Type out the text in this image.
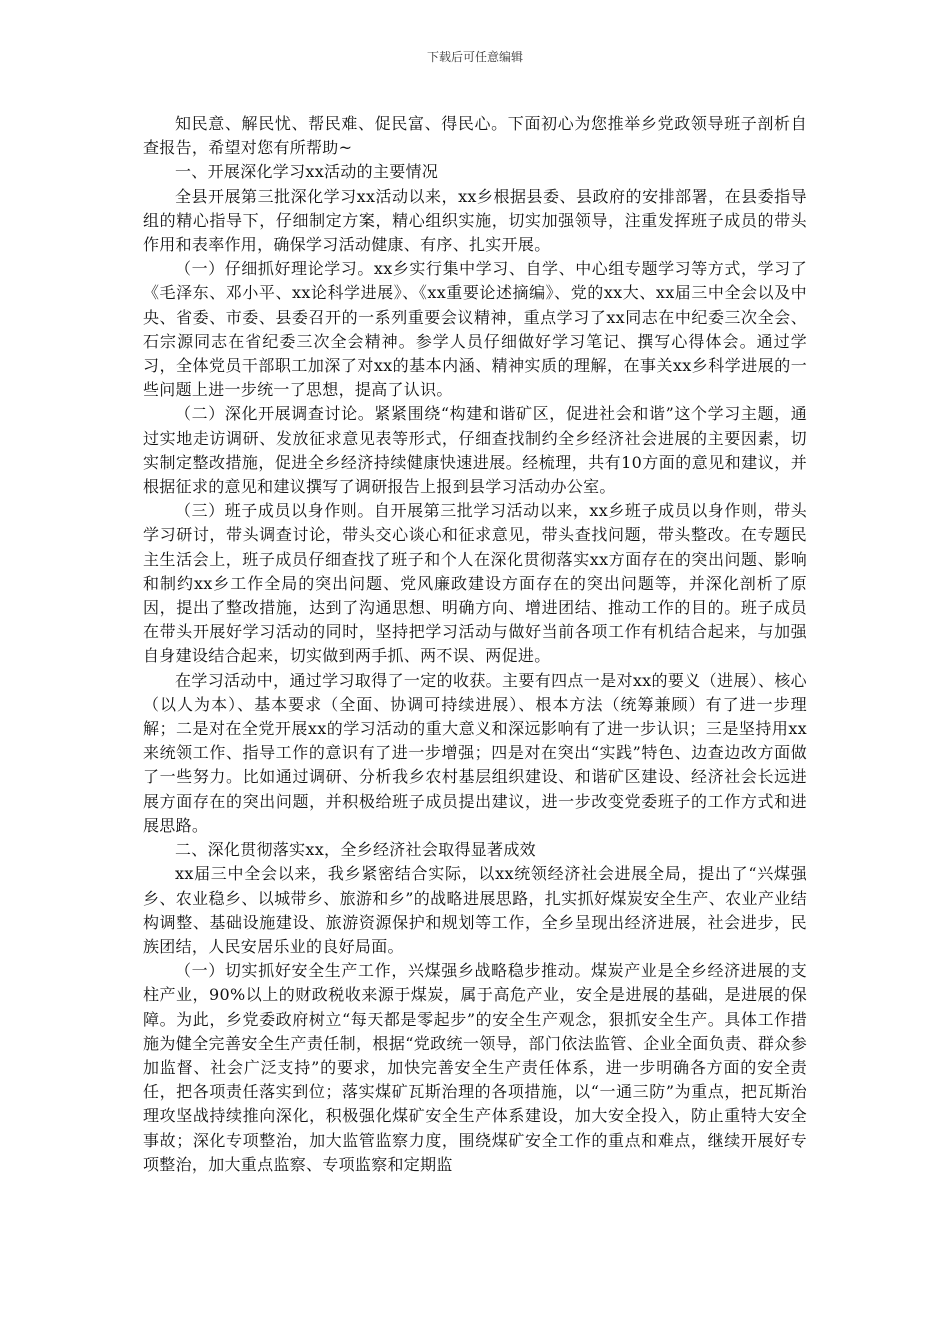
下载后可任意编辑

知民意、解民忧、帮民难、促民富、得民心。下面初心为您推举乡党政领导班子剖析自查报告，希望对您有所帮助~

一、开展深化学习xx活动的主要情况

全县开展第三批深化学习xx活动以来，xx乡根据县委、县政府的安排部署，在县委指导组的精心指导下，仔细制定方案，精心组织实施，切实加强领导，注重发挥班子成员的带头作用和表率作用，确保学习活动健康、有序、扎实开展。

（一）仔细抓好理论学习。xx乡实行集中学习、自学、中心组专题学习等方式，学习了《毛泽东、邓小平、xx论科学进展》、《xx重要论述摘编》、党的xx大、xx届三中全会以及中央、省委、市委、县委召开的一系列重要会议精神，重点学习了xx同志在中纪委三次全会、石宗源同志在省纪委三次全会精神。参学人员仔细做好学习笔记、撰写心得体会。通过学习，全体党员干部职工加深了对xx的基本内涵、精神实质的理解，在事关xx乡科学进展的一些问题上进一步统一了思想，提高了认识。

（二）深化开展调查讨论。紧紧围绕“构建和谐矿区，促进社会和谐”这个学习主题，通过实地走访调研、发放征求意见表等形式，仔细查找制约全乡经济社会进展的主要因素，切实制定整改措施，促进全乡经济持续健康快速进展。经梳理，共有10方面的意见和建议，并根据征求的意见和建议撰写了调研报告上报到县学习活动办公室。

（三）班子成员以身作则。自开展第三批学习活动以来，xx乡班子成员以身作则，带头学习研讨，带头调查讨论，带头交心谈心和征求意见，带头查找问题，带头整改。在专题民主生活会上，班子成员仔细查找了班子和个人在深化贯彻落实xx方面存在的突出问题、影响和制约xx乡工作全局的突出问题、党风廉政建设方面存在的突出问题等，并深化剖析了原因，提出了整改措施，达到了沟通思想、明确方向、增进团结、推动工作的目的。班子成员在带头开展好学习活动的同时，坚持把学习活动与做好当前各项工作有机结合起来，与加强自身建设结合起来，切实做到两手抓、两不误、两促进。

在学习活动中，通过学习取得了一定的收获。主要有四点一是对xx的要义（进展）、核心（以人为本）、基本要求（全面、协调可持续进展）、根本方法（统筹兼顾）有了进一步理解；二是对在全党开展xx的学习活动的重大意义和深远影响有了进一步认识；三是坚持用xx来统领工作、指导工作的意识有了进一步增强；四是对在突出“实践”特色、边查边改方面做了一些努力。比如通过调研、分析我乡农村基层组织建设、和谐矿区建设、经济社会长远进展方面存在的突出问题，并积极给班子成员提出建议，进一步改变党委班子的工作方式和进展思路。

二、深化贯彻落实xx，全乡经济社会取得显著成效

xx届三中全会以来，我乡紧密结合实际，以xx统领经济社会进展全局，提出了“兴煤强乡、农业稳乡、以城带乡、旅游和乡”的战略进展思路，扎实抓好煤炭安全生产、农业产业结构调整、基础设施建设、旅游资源保护和规划等工作，全乡呈现出经济进展，社会进步，民族团结，人民安居乐业的良好局面。

（一）切实抓好安全生产工作，兴煤强乡战略稳步推动。煤炭产业是全乡经济进展的支柱产业，90%以上的财政税收来源于煤炭，属于高危产业，安全是进展的基础，是进展的保障。为此，乡党委政府树立“每天都是零起步”的安全生产观念，狠抓安全生产。具体工作措施为健全完善安全生产责任制，根据“党政统一领导，部门依法监管、企业全面负责、群众参加监督、社会广泛支持”的要求，加快完善安全生产责任体系，进一步明确各方面的安全责任，把各项责任落实到位；落实煤矿瓦斯治理的各项措施，以“一通三防”为重点，把瓦斯治理攻坚战持续推向深化，积极强化煤矿安全生产体系建设，加大安全投入，防止重特大安全事故；深化专项整治，加大监管监察力度，围绕煤矿安全工作的重点和难点，继续开展好专项整治，加大重点监察、专项监察和定期监
